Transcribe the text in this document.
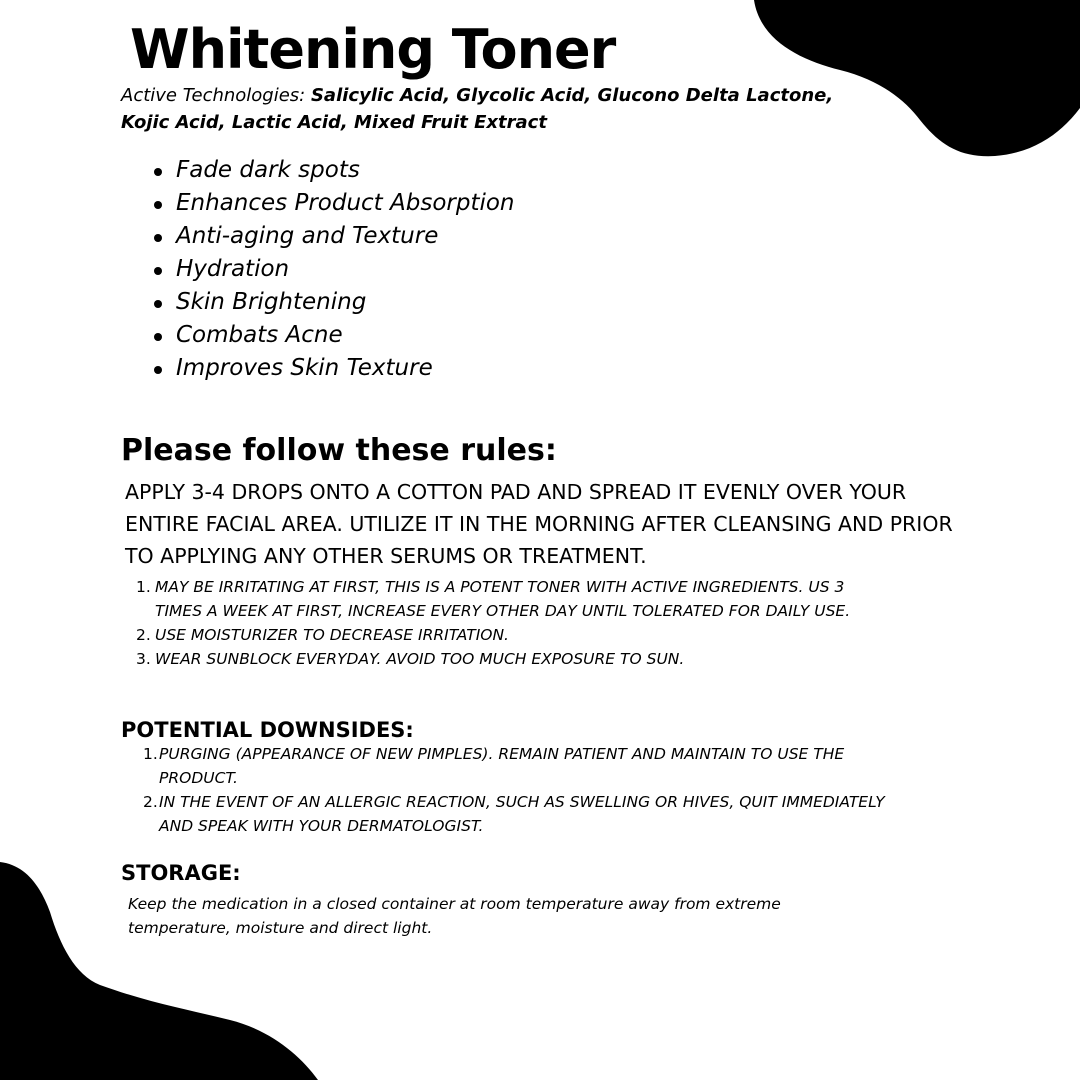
Whitening Toner
Active Technologies: Salicylic Acid, Glycolic Acid, Glucono Delta Lactone, Kojic Acid, Lactic Acid, Mixed Fruit Extract
Fade dark spots
Enhances Product Absorption
Anti-aging and Texture
Hydration
Skin Brightening
Combats Acne
Improves Skin Texture
Please follow these rules:
APPLY 3-4 DROPS ONTO A COTTON PAD AND SPREAD IT EVENLY OVER YOUR ENTIRE FACIAL AREA. UTILIZE IT IN THE MORNING AFTER CLEANSING AND PRIOR TO APPLYING ANY OTHER SERUMS OR TREATMENT.
1. MAY BE IRRITATING AT FIRST, THIS IS A POTENT TONER WITH ACTIVE INGREDIENTS. US 3 TIMES A WEEK AT FIRST, INCREASE EVERY OTHER DAY UNTIL TOLERATED FOR DAILY USE.
2. USE MOISTURIZER TO DECREASE IRRITATION.
3. WEAR SUNBLOCK EVERYDAY. AVOID TOO MUCH EXPOSURE TO SUN.
POTENTIAL DOWNSIDES:
1. PURGING (APPEARANCE OF NEW PIMPLES). REMAIN PATIENT AND MAINTAIN TO USE THE PRODUCT.
2. IN THE EVENT OF AN ALLERGIC REACTION, SUCH AS SWELLING OR HIVES, QUIT IMMEDIATELY AND SPEAK WITH YOUR DERMATOLOGIST.
STORAGE:
Keep the medication in a closed container at room temperature away from extreme temperature, moisture and direct light.
